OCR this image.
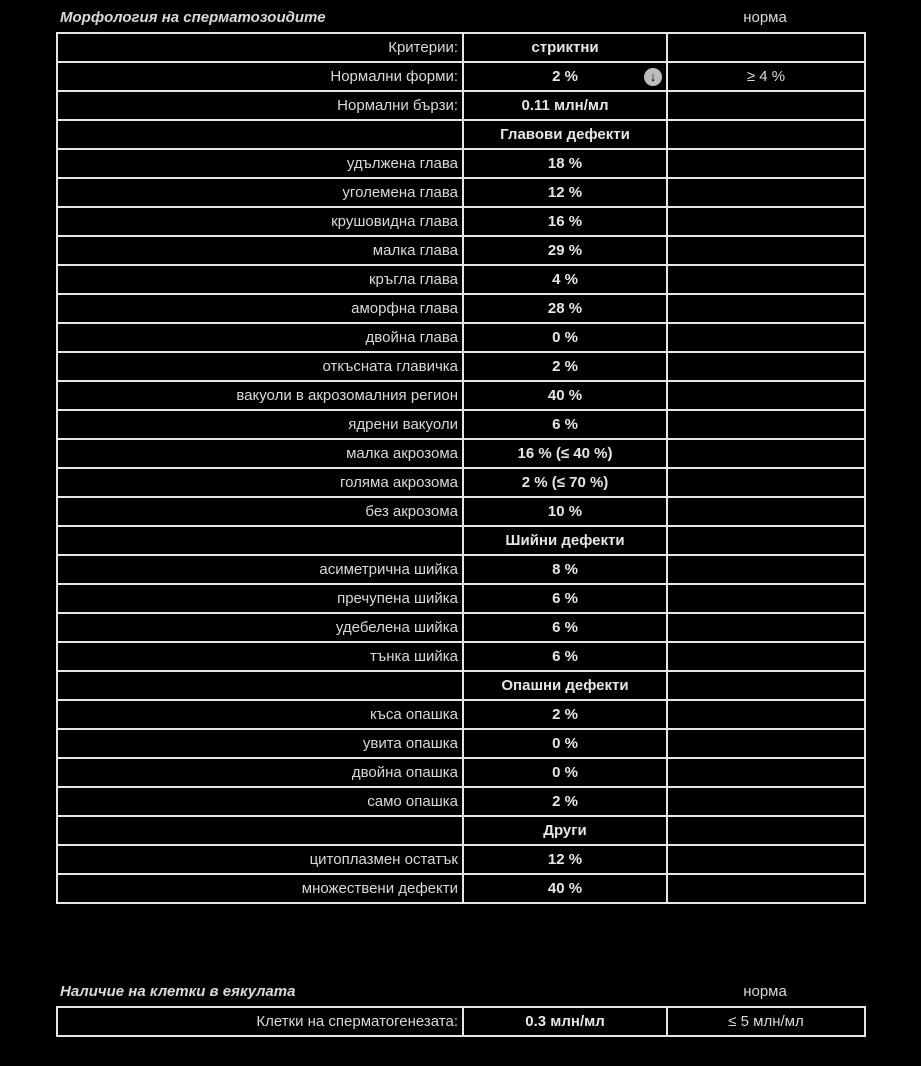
Морфология на сперматозоидите	норма
Критерии:	стриктни	
Нормални форми:	2 % ↓	≥ 4 %
Нормални бързи:	0.11 млн/мл	
	Главови дефекти	
удължена глава	18 %	
уголемена глава	12 %	
крушовидна глава	16 %	
малка глава	29 %	
кръгла глава	4 %	
аморфна глава	28 %	
двойна глава	0 %	
откъсната главичка	2 %	
вакуоли в акрозомалния регион	40 %	
ядрени вакуоли	6 %	
малка акрозома	16 % (≤ 40 %)	
голяма акрозома	2 % (≤ 70 %)	
без акрозома	10 %	
	Шийни дефекти	
асиметрична шийка	8 %	
пречупена шийка	6 %	
удебелена шийка	6 %	
тънка шийка	6 %	
	Опашни дефекти	
къса опашка	2 %	
увита опашка	0 %	
двойна опашка	0 %	
само опашка	2 %	
	Други	
цитоплазмен остатък	12 %	
множествени дефекти	40 %	
Наличие на клетки в еякулата	норма
Клетки на сперматогенезата:	0.3 млн/мл	≤ 5 млн/мл
